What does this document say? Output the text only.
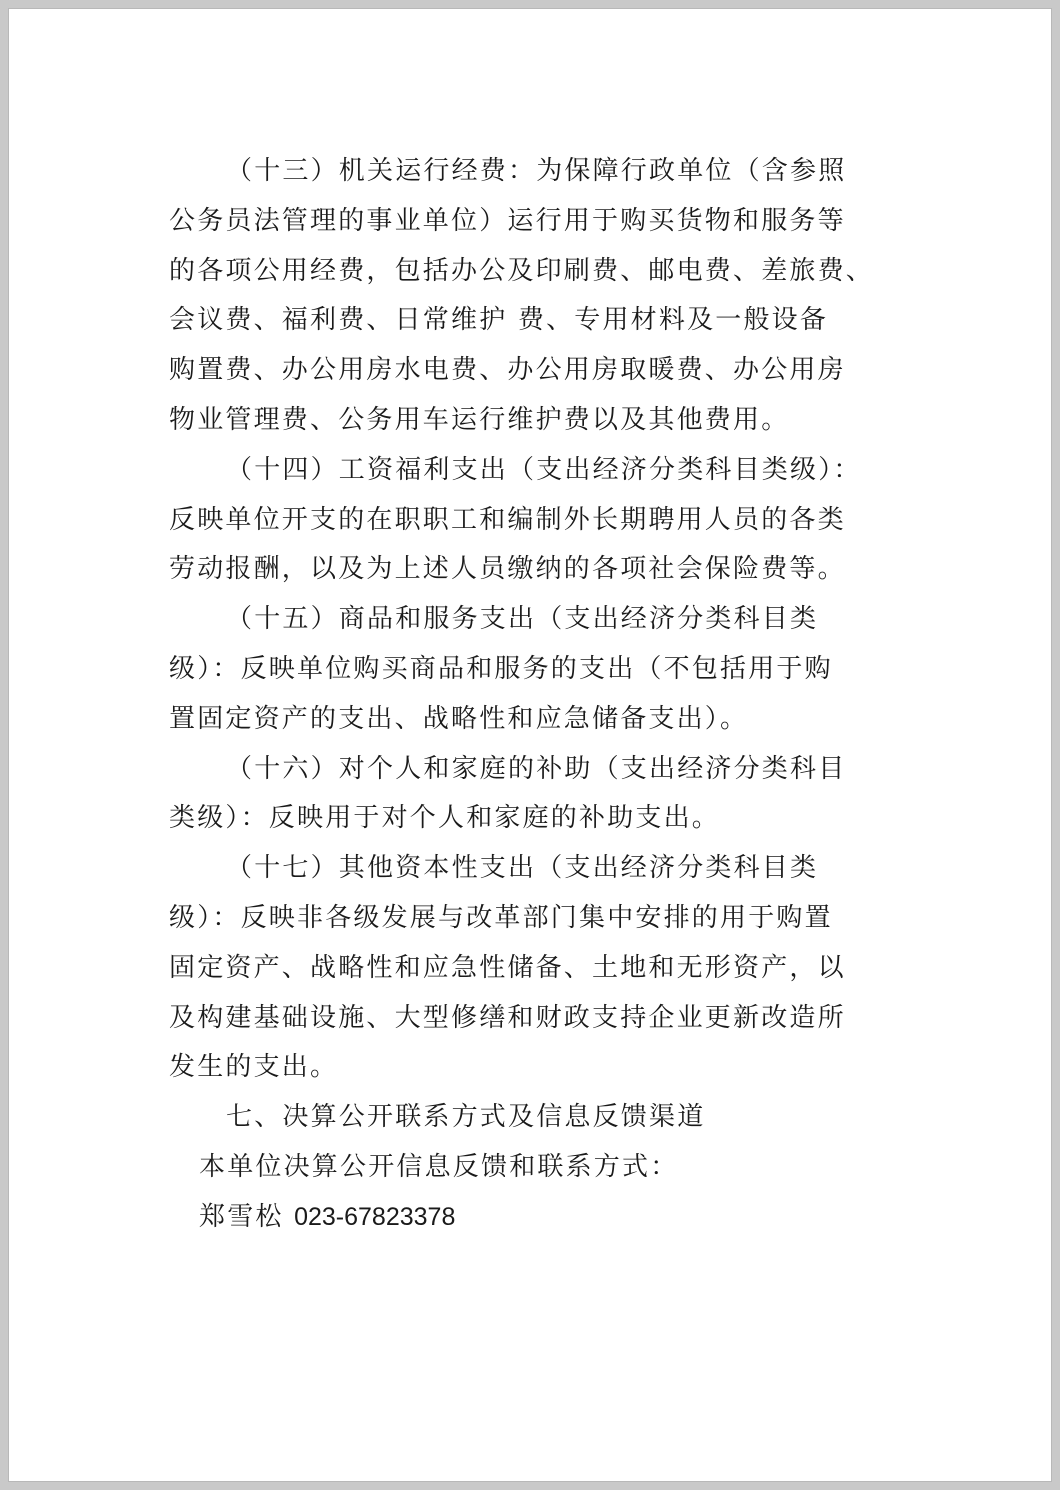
（十三）机关运行经费：为保障行政单位（含参照
公务员法管理的事业单位）运行用于购买货物和服务等
的各项公用经费，包括办公及印刷费、邮电费、差旅费、
会议费、福利费、日常维护 费、专用材料及一般设备
购置费、办公用房水电费、办公用房取暖费、办公用房
物业管理费、公务用车运行维护费以及其他费用。
（十四）工资福利支出（支出经济分类科目类级）：
反映单位开支的在职职工和编制外长期聘用人员的各类
劳动报酬，以及为上述人员缴纳的各项社会保险费等。
（十五）商品和服务支出（支出经济分类科目类
级）：反映单位购买商品和服务的支出（不包括用于购
置固定资产的支出、战略性和应急储备支出）。
（十六）对个人和家庭的补助（支出经济分类科目
类级）：反映用于对个人和家庭的补助支出。
（十七）其他资本性支出（支出经济分类科目类
级）：反映非各级发展与改革部门集中安排的用于购置
固定资产、战略性和应急性储备、土地和无形资产，以
及构建基础设施、大型修缮和财政支持企业更新改造所
发生的支出。
七、决算公开联系方式及信息反馈渠道
本单位决算公开信息反馈和联系方式：
郑雪松 023-67823378
